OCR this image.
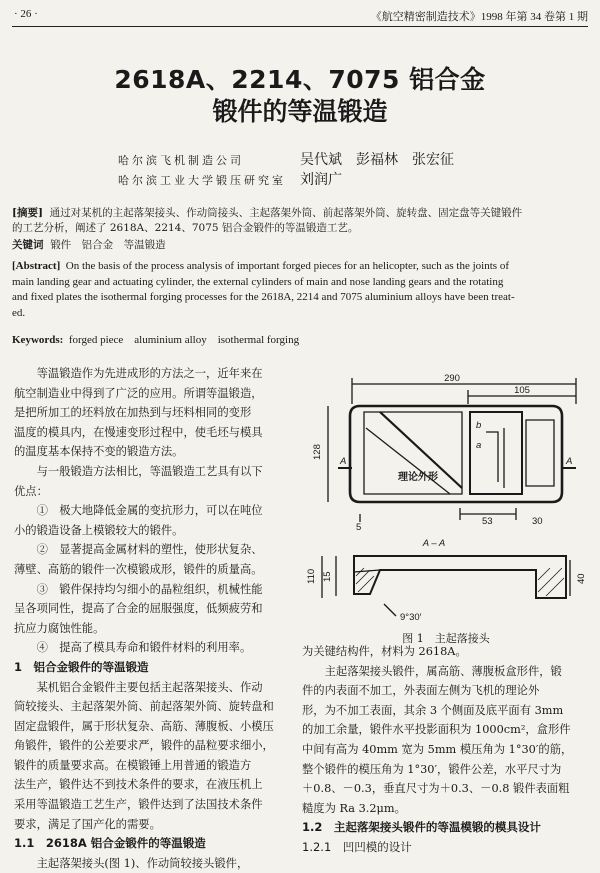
· 26 ·	《航空精密制造技术》1998 年第 34 卷第 1 期
2618A、2214、7075 铝合金
锻件的等温锻造
哈尔滨飞机制造公司	吴代斌　彭福林　张宏征
哈尔滨工业大学锻压研究室 刘润广
[摘要] 通过对某机的主起落架接头、作动筒接头、主起落架外筒、前起落架外筒、旋转盘、固定盘等关键锻件
的工艺分析，阐述了 2618A、2214、7075 铝合金锻件的等温锻造工艺。
关键词 锻件　铝合金　等温锻造
[Abstract] On the basis of the process analysis of important forged pieces for an helicopter, such as the joints of
main landing gear and actuating cylinder, the external cylinders of main and nose landing gears and the rotating
and fixed plates the isothermal forging processes for the 2618A, 2214 and 7075 aluminium alloys have been treat-
ed.
Keywords: forged piece　aluminium alloy　isothermal forging
等温锻造作为先进成形的方法之一，近年来在
航空制造业中得到了广泛的应用。所谓等温锻造，
是把所加工的坯料放在加热到与坯料相同的变形
温度的模具内，在慢速变形过程中，使毛坯与模具
的温度基本保持不变的锻造方法。
与一般锻造方法相比，等温锻造工艺具有以下
优点：
①　极大地降低金属的变抗形力，可以在吨位
小的锻造设备上模锻较大的锻件。
②　显著提高金属材料的塑性，使形状复杂、
薄壁、高筋的锻件一次模锻成形，锻件的质量高。
③　锻件保持均匀细小的晶粒组织，机械性能
呈各项同性，提高了合金的屈服强度，低频疲劳和
抗应力腐蚀性能。
④　提高了模具寿命和锻件材料的利用率。
1　铝合金锻件的等温锻造
某机铝合金锻件主要包括主起落架接头、作动
筒较接头、主起落架外筒、前起落架外筒、旋转盘和
固定盘锻件，属于形状复杂、高筋、薄腹板、小模压
角锻件，锻件的公差要求严，锻件的晶粒要求细小，
锻件的质量要求高。在模锻锤上用普通的锻造方
法生产，锻件达不到技术条件的要求，在液压机上
采用等温锻造工艺生产，锻件达到了法国技术条件
要求，满足了国产化的需要。
1.1　2618A 铝合金锻件的等温锻造
主起落架接头(图 1)、作动筒较接头锻件，
290
105
A	A
b
a
128
5
53	30
A – A
110 15	40
9°30′
理论外形
图 1　主起落接头
为关键结构件，材料为 2618A。
主起落架接头锻件，属高筋、薄腹板盒形件，锻
件的内表面不加工，外表面左侧为飞机的理论外
形，为不加工表面，其余 3 个侧面及底平面有 3mm
的加工余量，锻件水平投影面积为 1000cm²，盒形件
中间有高为 40mm 宽为 5mm 模压角为 1°30′的筋，
整个锻件的模压角为 1°30′，锻件公差，水平尺寸为
＋0.8、－0.3，垂直尺寸为＋0.3、－0.8 锻件表面粗
糙度为 Ra 3.2μm。
1.2　主起落架接头锻件的等温模锻的模具设计
1.2.1　凹凹模的设计
